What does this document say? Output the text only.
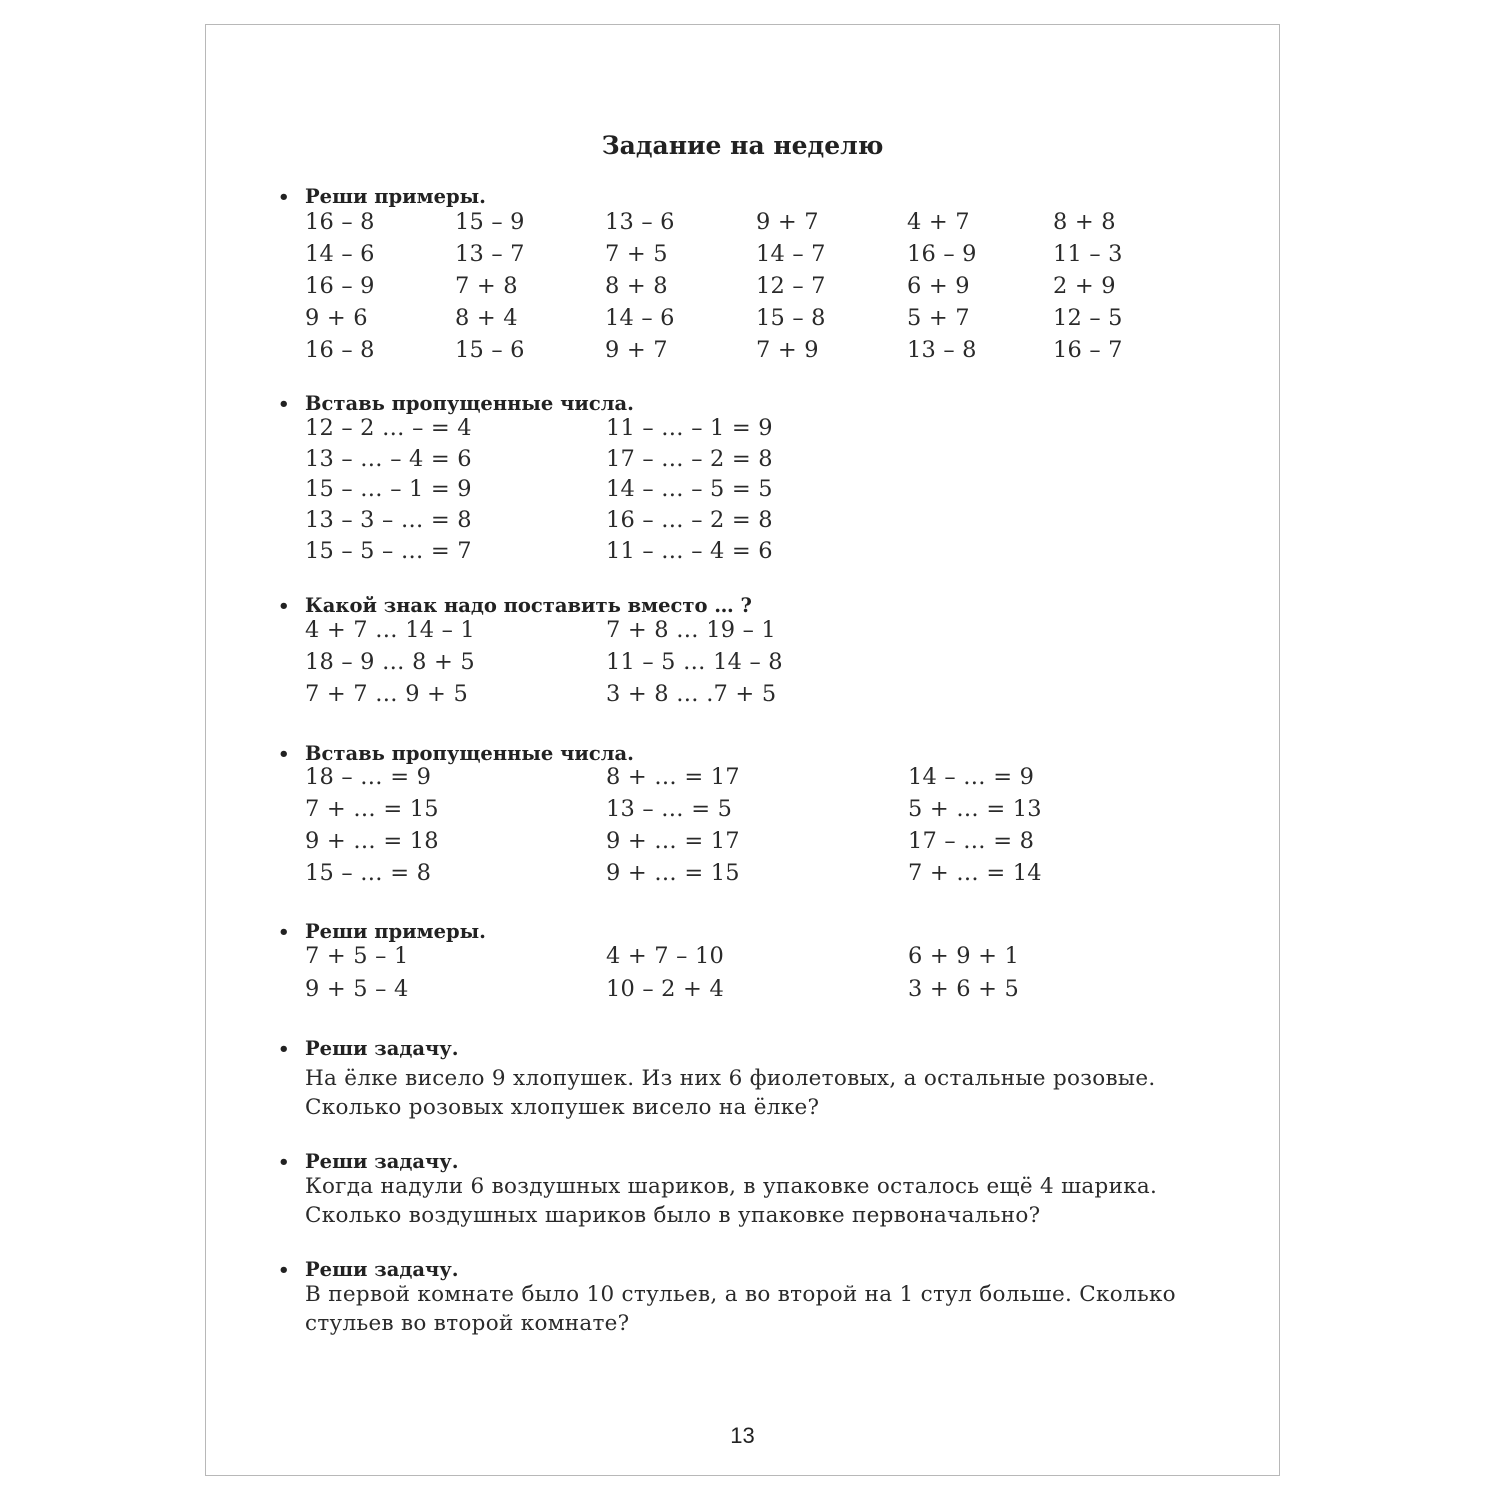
Задание на неделю
• Реши примеры.
16 – 8	15 – 9	13 – 6	9 + 7	4 + 7	8 + 8
14 – 6	13 – 7	7 + 5	14 – 7	16 – 9	11 – 3
16 – 9	7 + 8	8 + 8	12 – 7	6 + 9	2 + 9
9 + 6	8 + 4	14 – 6	15 – 8	5 + 7	12 – 5
16 – 8	15 – 6	9 + 7	7 + 9	13 – 8	16 – 7
• Вставь пропущенные числа.
12 – 2 … – = 4	11 – … – 1 = 9
13 – … – 4 = 6	17 – … – 2 = 8
15 – … – 1 = 9	14 – … – 5 = 5
13 – 3 – … = 8	16 – … – 2 = 8
15 – 5 – … = 7	11 – … – 4 = 6
• Какой знак надо поставить вместо … ?
4 + 7 … 14 – 1	7 + 8 … 19 – 1
18 – 9 … 8 + 5	11 – 5 … 14 – 8
7 + 7 … 9 + 5	3 + 8 … .7 + 5
• Вставь пропущенные числа.
18 – … = 9	8 + … = 17	14 – … = 9
7 + … = 15	13 – … = 5	5 + … = 13
9 + … = 18	9 + … = 17	17 – … = 8
15 – … = 8	9 + … = 15	7 + … = 14
• Реши примеры.
7 + 5 – 1	4 + 7 – 10	6 + 9 + 1
9 + 5 – 4	10 – 2 + 4	3 + 6 + 5
• Реши задачу.
На ёлке висело 9 хлопушек. Из них 6 фиолетовых, а остальные розовые.
Сколько розовых хлопушек висело на ёлке?
• Реши задачу.
Когда надули 6 воздушных шариков, в упаковке осталось ещё 4 шарика.
Сколько воздушных шариков было в упаковке первоначально?
• Реши задачу.
В первой комнате было 10 стульев, а во второй на 1 стул больше. Сколько
стульев во второй комнате?
13
